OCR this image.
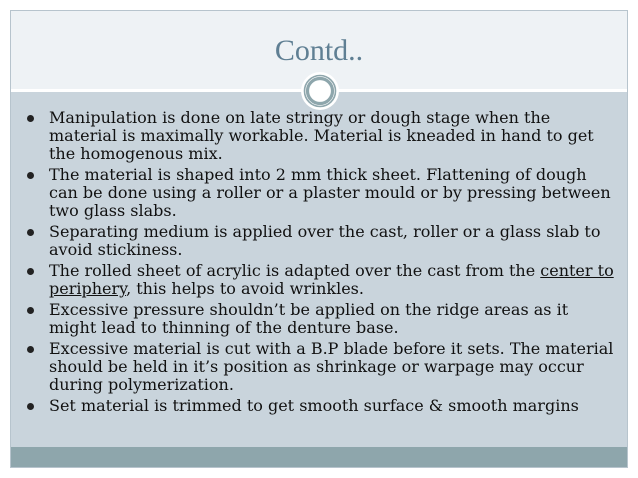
Contd..
Manipulation is done on late stringy or dough stage when the material is maximally workable. Material is kneaded in hand to get the homogenous mix.
The material is shaped into 2 mm thick sheet. Flattening of dough can be done using a roller or a plaster mould or by pressing between two glass slabs.
Separating medium is applied over the cast, roller or a glass slab to avoid stickiness.
The rolled sheet of acrylic is adapted over the cast from the center to periphery, this helps to avoid wrinkles.
Excessive pressure shouldn’t be applied on the ridge areas as it might lead to thinning of the denture base.
Excessive material is cut with a B.P blade before it sets. The material should be held in it’s position as shrinkage or warpage may occur during polymerization.
Set material is trimmed to get smooth surface & smooth margins
